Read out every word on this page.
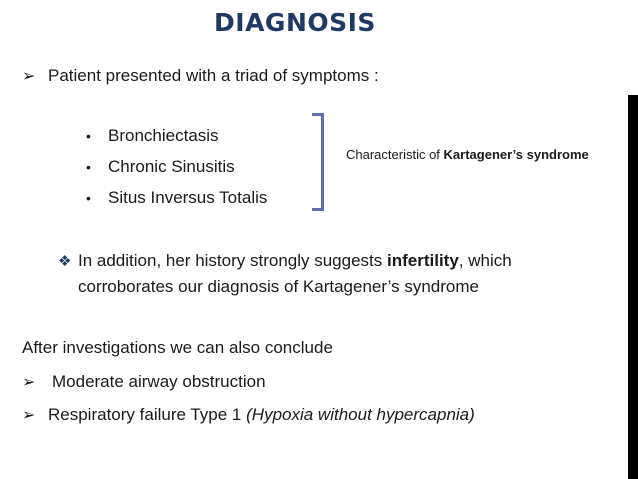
DIAGNOSIS
➢ Patient presented with a triad of symptoms :
• Bronchiectasis
• Chronic Sinusitis
• Situs Inversus Totalis
Characteristic of Kartagener’s syndrome
❖ In addition, her history strongly suggests infertility, which
corroborates our diagnosis of Kartagener’s syndrome
After investigations we can also conclude
➢ Moderate airway obstruction
➢ Respiratory failure Type 1 (Hypoxia without hypercapnia)
